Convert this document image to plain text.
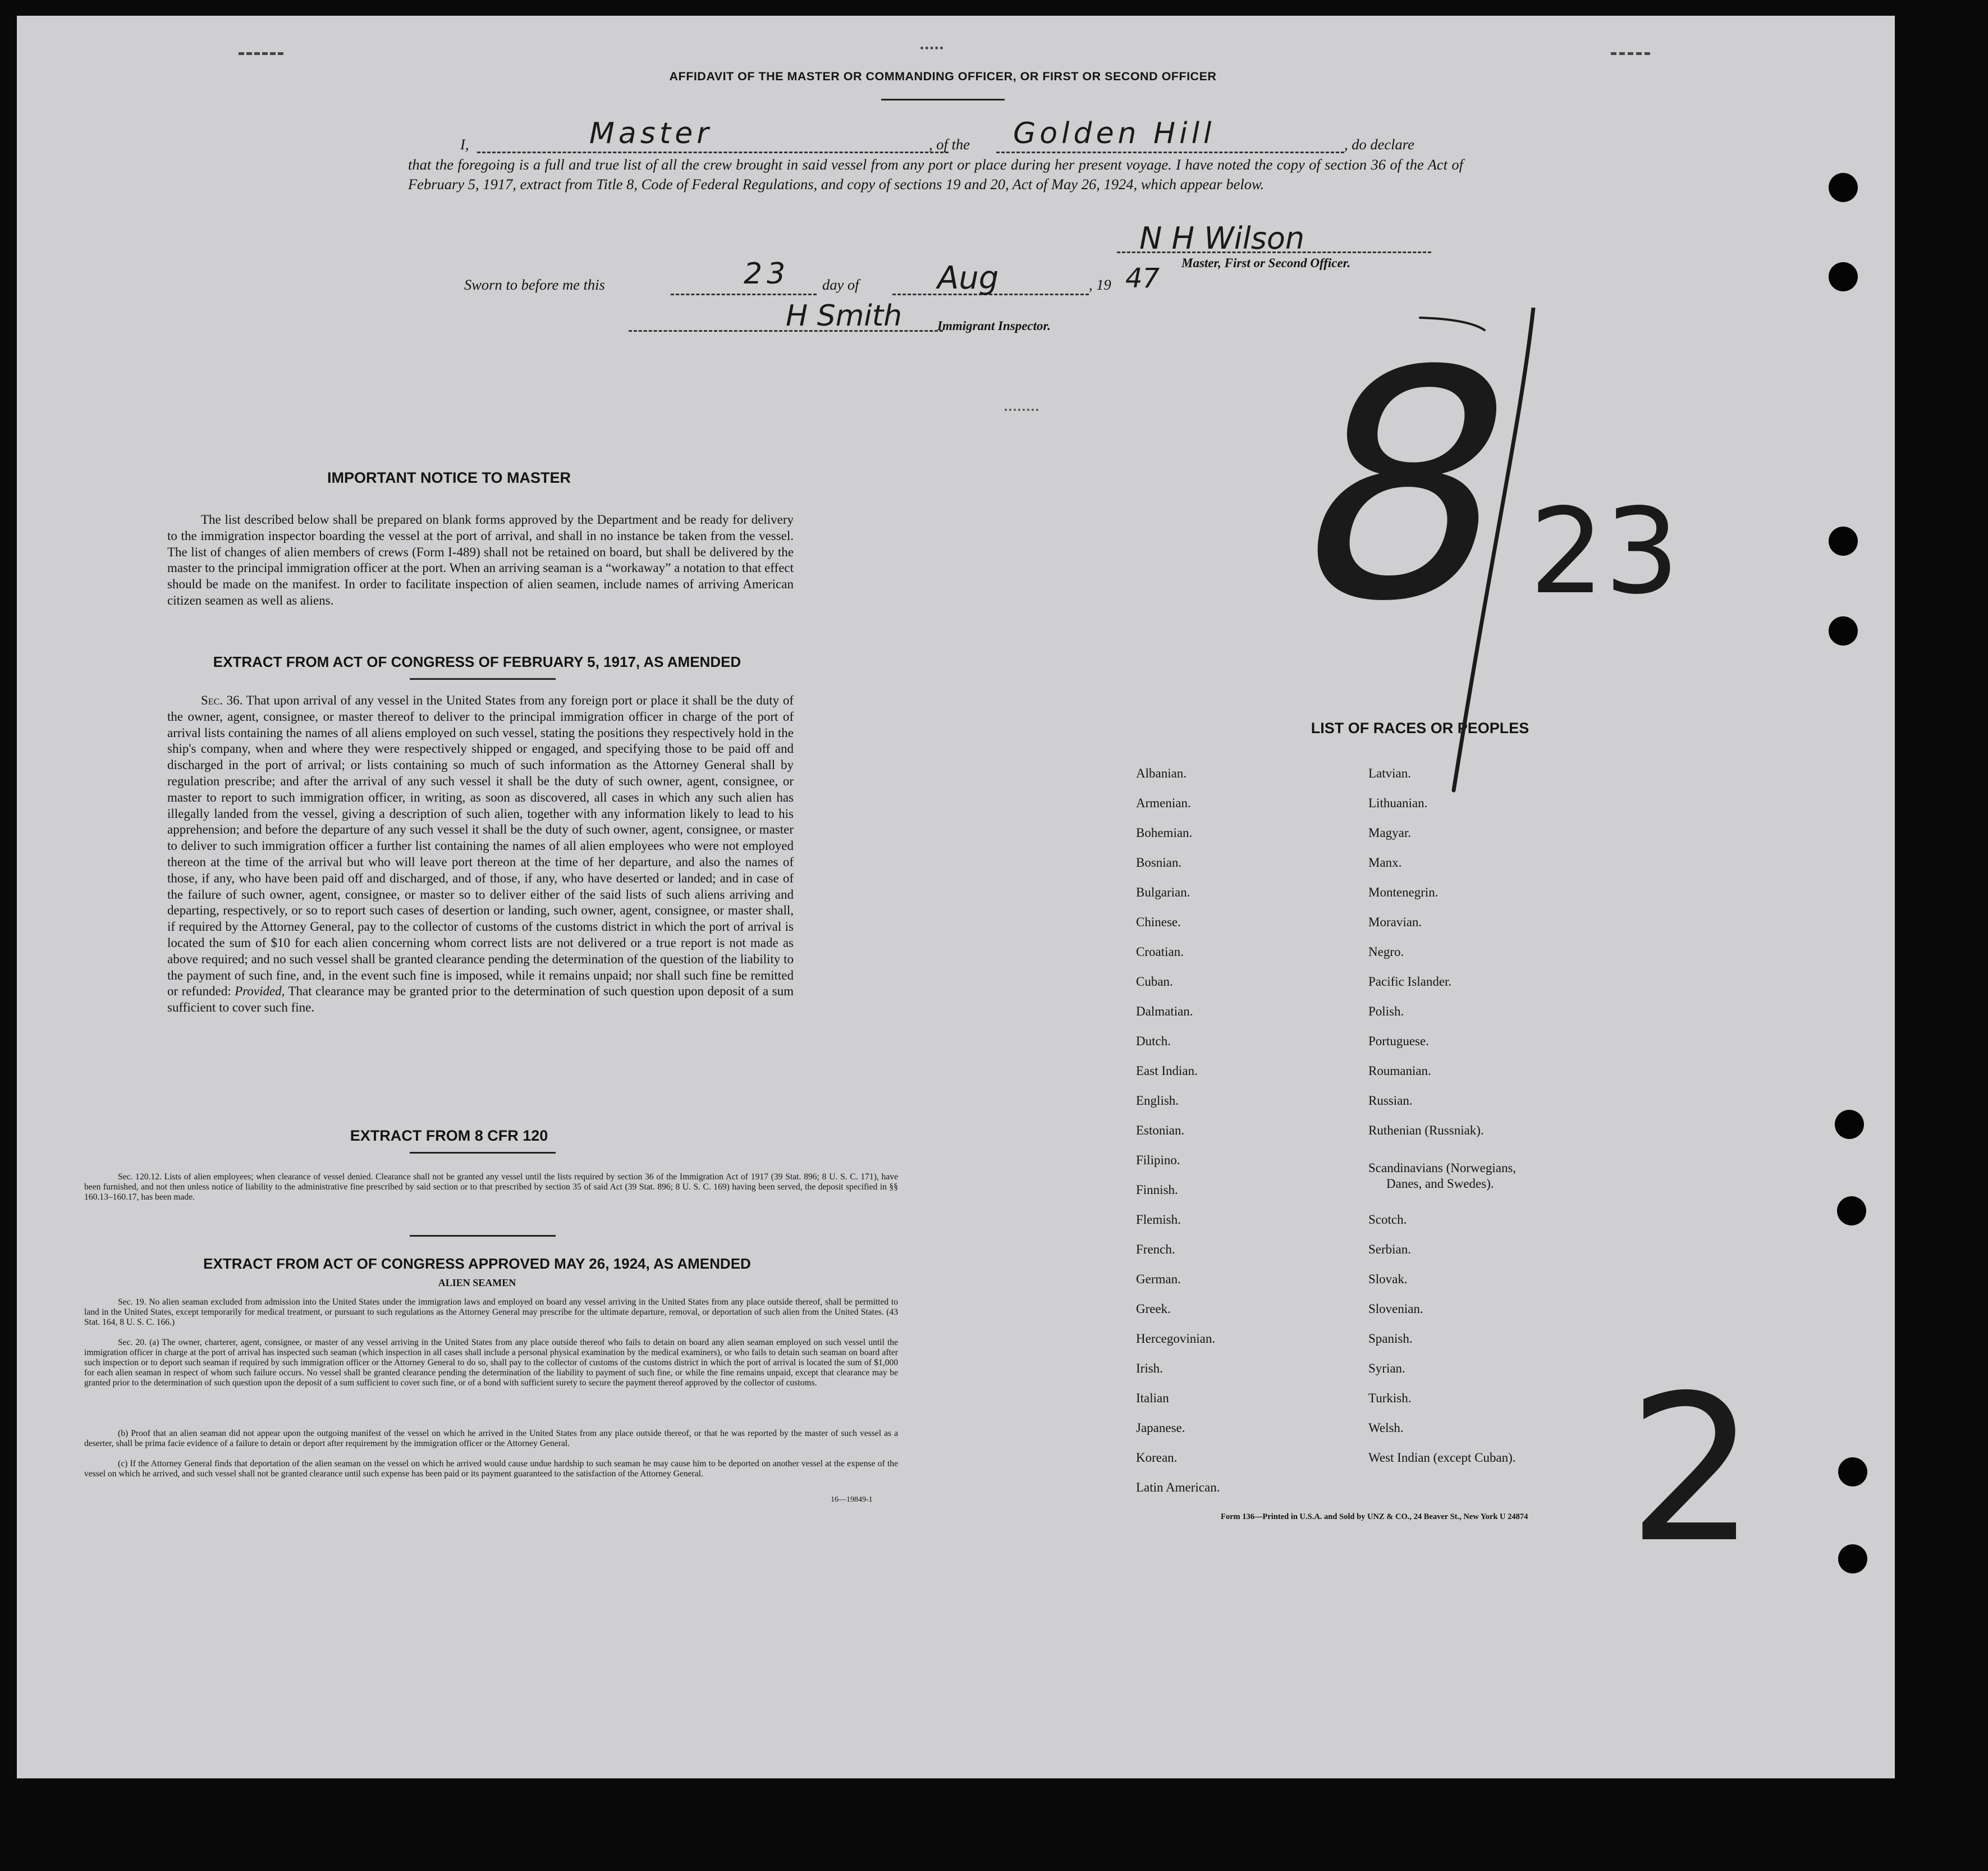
AFFIDAVIT OF THE MASTER OR COMMANDING OFFICER, OR FIRST OR SECOND OFFICER
I,	Master	, of the Golden Hill	, do declare
that the foregoing is a full and true list of all the crew brought in said vessel from any port or place during her present voyage. I have noted the copy of section 36 of the Act of February 5, 1917, extract from Title 8, Code of Federal Regulations, and copy of sections 19 and 20, Act of May 26, 1924, which appear below.
N H Wilson
Master, First or Second Officer.
Sworn to before me this	23 day of Aug	, 19 47
H Smith	Immigrant Inspector.
IMPORTANT NOTICE TO MASTER
The list described below shall be prepared on blank forms approved by the Department and be ready for delivery to the immigration inspector boarding the vessel at the port of arrival, and shall in no instance be taken from the vessel. The list of changes of alien members of crews (Form I-489) shall not be retained on board, but shall be delivered by the master to the principal immigration officer at the port. When an arriving seaman is a “workaway” a notation to that effect should be made on the manifest. In order to facilitate inspection of alien seamen, include names of arriving American citizen seamen as well as aliens.
EXTRACT FROM ACT OF CONGRESS OF FEBRUARY 5, 1917, AS AMENDED
Sec. 36. That upon arrival of any vessel in the United States from any foreign port or place it shall be the duty of the owner, agent, consignee, or master thereof to deliver to the principal immigration officer in charge of the port of arrival lists containing the names of all aliens employed on such vessel, stating the positions they respectively hold in the ship's company, when and where they were respectively shipped or engaged, and specifying those to be paid off and discharged in the port of arrival; or lists containing so much of such information as the Attorney General shall by regulation prescribe; and after the arrival of any such vessel it shall be the duty of such owner, agent, consignee, or master to report to such immigration officer, in writing, as soon as discovered, all cases in which any such alien has illegally landed from the vessel, giving a description of such alien, together with any information likely to lead to his apprehension; and before the departure of any such vessel it shall be the duty of such owner, agent, consignee, or master to deliver to such immigration officer a further list containing the names of all alien employees who were not employed thereon at the time of the arrival but who will leave port thereon at the time of her departure, and also the names of those, if any, who have been paid off and discharged, and of those, if any, who have deserted or landed; and in case of the failure of such owner, agent, consignee, or master so to deliver either of the said lists of such aliens arriving and departing, respectively, or so to report such cases of desertion or landing, such owner, agent, consignee, or master shall, if required by the Attorney General, pay to the collector of customs of the customs district in which the port of arrival is located the sum of $10 for each alien concerning whom correct lists are not delivered or a true report is not made as above required; and no such vessel shall be granted clearance pending the determination of the question of the liability to the payment of such fine, and, in the event such fine is imposed, while it remains unpaid; nor shall such fine be remitted or refunded: Provided, That clearance may be granted prior to the determination of such question upon deposit of a sum sufficient to cover such fine.
EXTRACT FROM 8 CFR 120
Sec. 120.12. Lists of alien employees; when clearance of vessel denied. Clearance shall not be granted any vessel until the lists required by section 36 of the Immigration Act of 1917 (39 Stat. 896; 8 U. S. C. 171), have been furnished, and not then unless notice of liability to the administrative fine prescribed by said section or to that prescribed by section 35 of said Act (39 Stat. 896; 8 U. S. C. 169) having been served, the deposit specified in §§ 160.13–160.17, has been made.
EXTRACT FROM ACT OF CONGRESS APPROVED MAY 26, 1924, AS AMENDED
ALIEN SEAMEN
Sec. 19. No alien seaman excluded from admission into the United States under the immigration laws and employed on board any vessel arriving in the United States from any place outside thereof, shall be permitted to land in the United States, except temporarily for medical treatment, or pursuant to such regulations as the Attorney General may prescribe for the ultimate departure, removal, or deportation of such alien from the United States. (43 Stat. 164, 8 U. S. C. 166.)
Sec. 20. (a) The owner, charterer, agent, consignee, or master of any vessel arriving in the United States from any place outside thereof who fails to detain on board any alien seaman employed on such vessel until the immigration officer in charge at the port of arrival has inspected such seaman (which inspection in all cases shall include a personal physical examination by the medical examiners), or who fails to detain such seaman on board after such inspection or to deport such seaman if required by such immigration officer or the Attorney General to do so, shall pay to the collector of customs of the customs district in which the port of arrival is located the sum of $1,000 for each alien seaman in respect of whom such failure occurs. No vessel shall be granted clearance pending the determination of the liability to payment of such fine, or while the fine remains unpaid, except that clearance may be granted prior to the determination of such question upon the deposit of a sum sufficient to cover such fine, or of a bond with sufficient surety to secure the payment thereof approved by the collector of customs.
(b) Proof that an alien seaman did not appear upon the outgoing manifest of the vessel on which he arrived in the United States from any place outside thereof, or that he was reported by the master of such vessel as a deserter, shall be prima facie evidence of a failure to detain or deport after requirement by the immigration officer or the Attorney General.
(c) If the Attorney General finds that deportation of the alien seaman on the vessel on which he arrived would cause undue hardship to such seaman he may cause him to be deported on another vessel at the expense of the vessel on which he arrived, and such vessel shall not be granted clearance until such expense has been paid or its payment guaranteed to the satisfaction of the Attorney General.
16—19849-1
LIST OF RACES OR PEOPLES
Albanian.
Armenian.
Bohemian.
Bosnian.
Bulgarian.
Chinese.
Croatian.
Cuban.
Dalmatian.
Dutch.
East Indian.
English.
Estonian.
Filipino.
Finnish.
Flemish.
French.
German.
Greek.
Hercegovinian.
Irish.
Italian
Japanese.
Korean.
Latin American.
Latvian.
Lithuanian.
Magyar.
Manx.
Montenegrin.
Moravian.
Negro.
Pacific Islander.
Polish.
Portuguese.
Roumanian.
Russian.
Ruthenian (Russniak).
Scandinavians (Norwegians,
Danes, and Swedes).
Scotch.
Serbian.
Slovak.
Slovenian.
Spanish.
Syrian.
Turkish.
Welsh.
West Indian (except Cuban).
Form 136—Printed in U.S.A. and Sold by UNZ & CO., 24 Beaver St., New York U 24874
8
23
2
